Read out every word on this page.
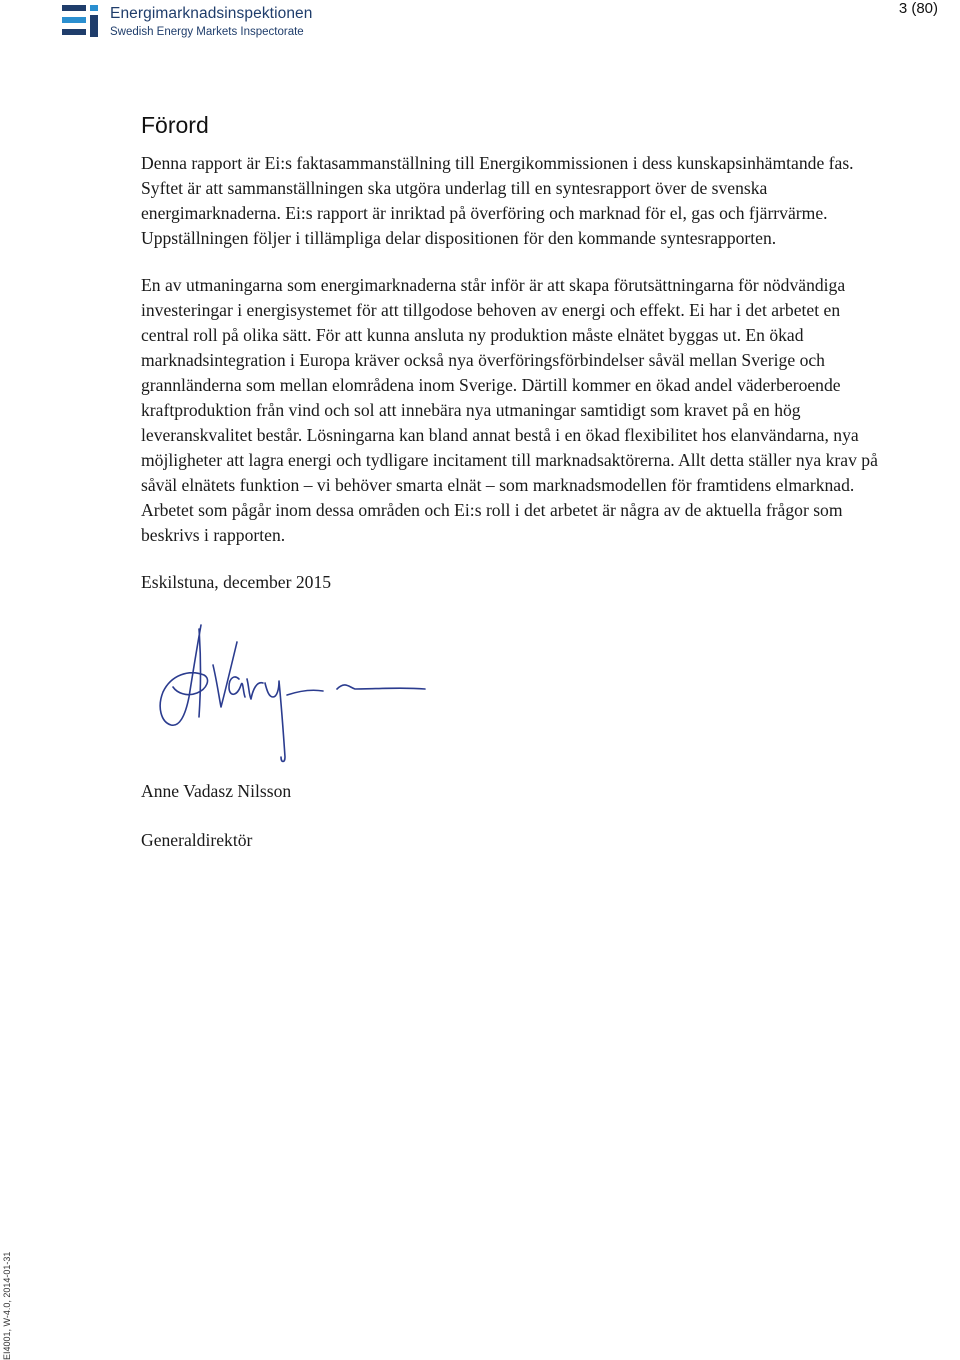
Energimarknadsinspektionen
Swedish Energy Markets Inspectorate
3 (80)
Förord

Denna rapport är Ei:s faktasammanställning till Energikommissionen i dess kunskapsinhämtande fas. Syftet är att sammanställningen ska utgöra underlag till en syntesrapport över de svenska energimarknaderna. Ei:s rapport är inriktad på överföring och marknad för el, gas och fjärrvärme. Uppställningen följer i tillämpliga delar dispositionen för den kommande syntesrapporten.

En av utmaningarna som energimarknaderna står inför är att skapa förutsättningarna för nödvändiga investeringar i energisystemet för att tillgodose behoven av energi och effekt. Ei har i det arbetet en central roll på olika sätt. För att kunna ansluta ny produktion måste elnätet byggas ut. En ökad marknadsintegration i Europa kräver också nya överföringsförbindelser såväl mellan Sverige och grannländerna som mellan elområdena inom Sverige. Därtill kommer en ökad andel väderberoende kraftproduktion från vind och sol att innebära nya utmaningar samtidigt som kravet på en hög leveranskvalitet består. Lösningarna kan bland annat bestå i en ökad flexibilitet hos elanvändarna, nya möjligheter att lagra energi och tydligare incitament till marknadsaktörerna. Allt detta ställer nya krav på såväl elnätets funktion – vi behöver smarta elnät – som marknadsmodellen för framtidens elmarknad. Arbetet som pågår inom dessa områden och Ei:s roll i det arbetet är några av de aktuella frågor som beskrivs i rapporten.

Eskilstuna, december 2015

Anne Vadasz Nilsson

Generaldirektör

EI4001, W-4.0, 2014-01-31
